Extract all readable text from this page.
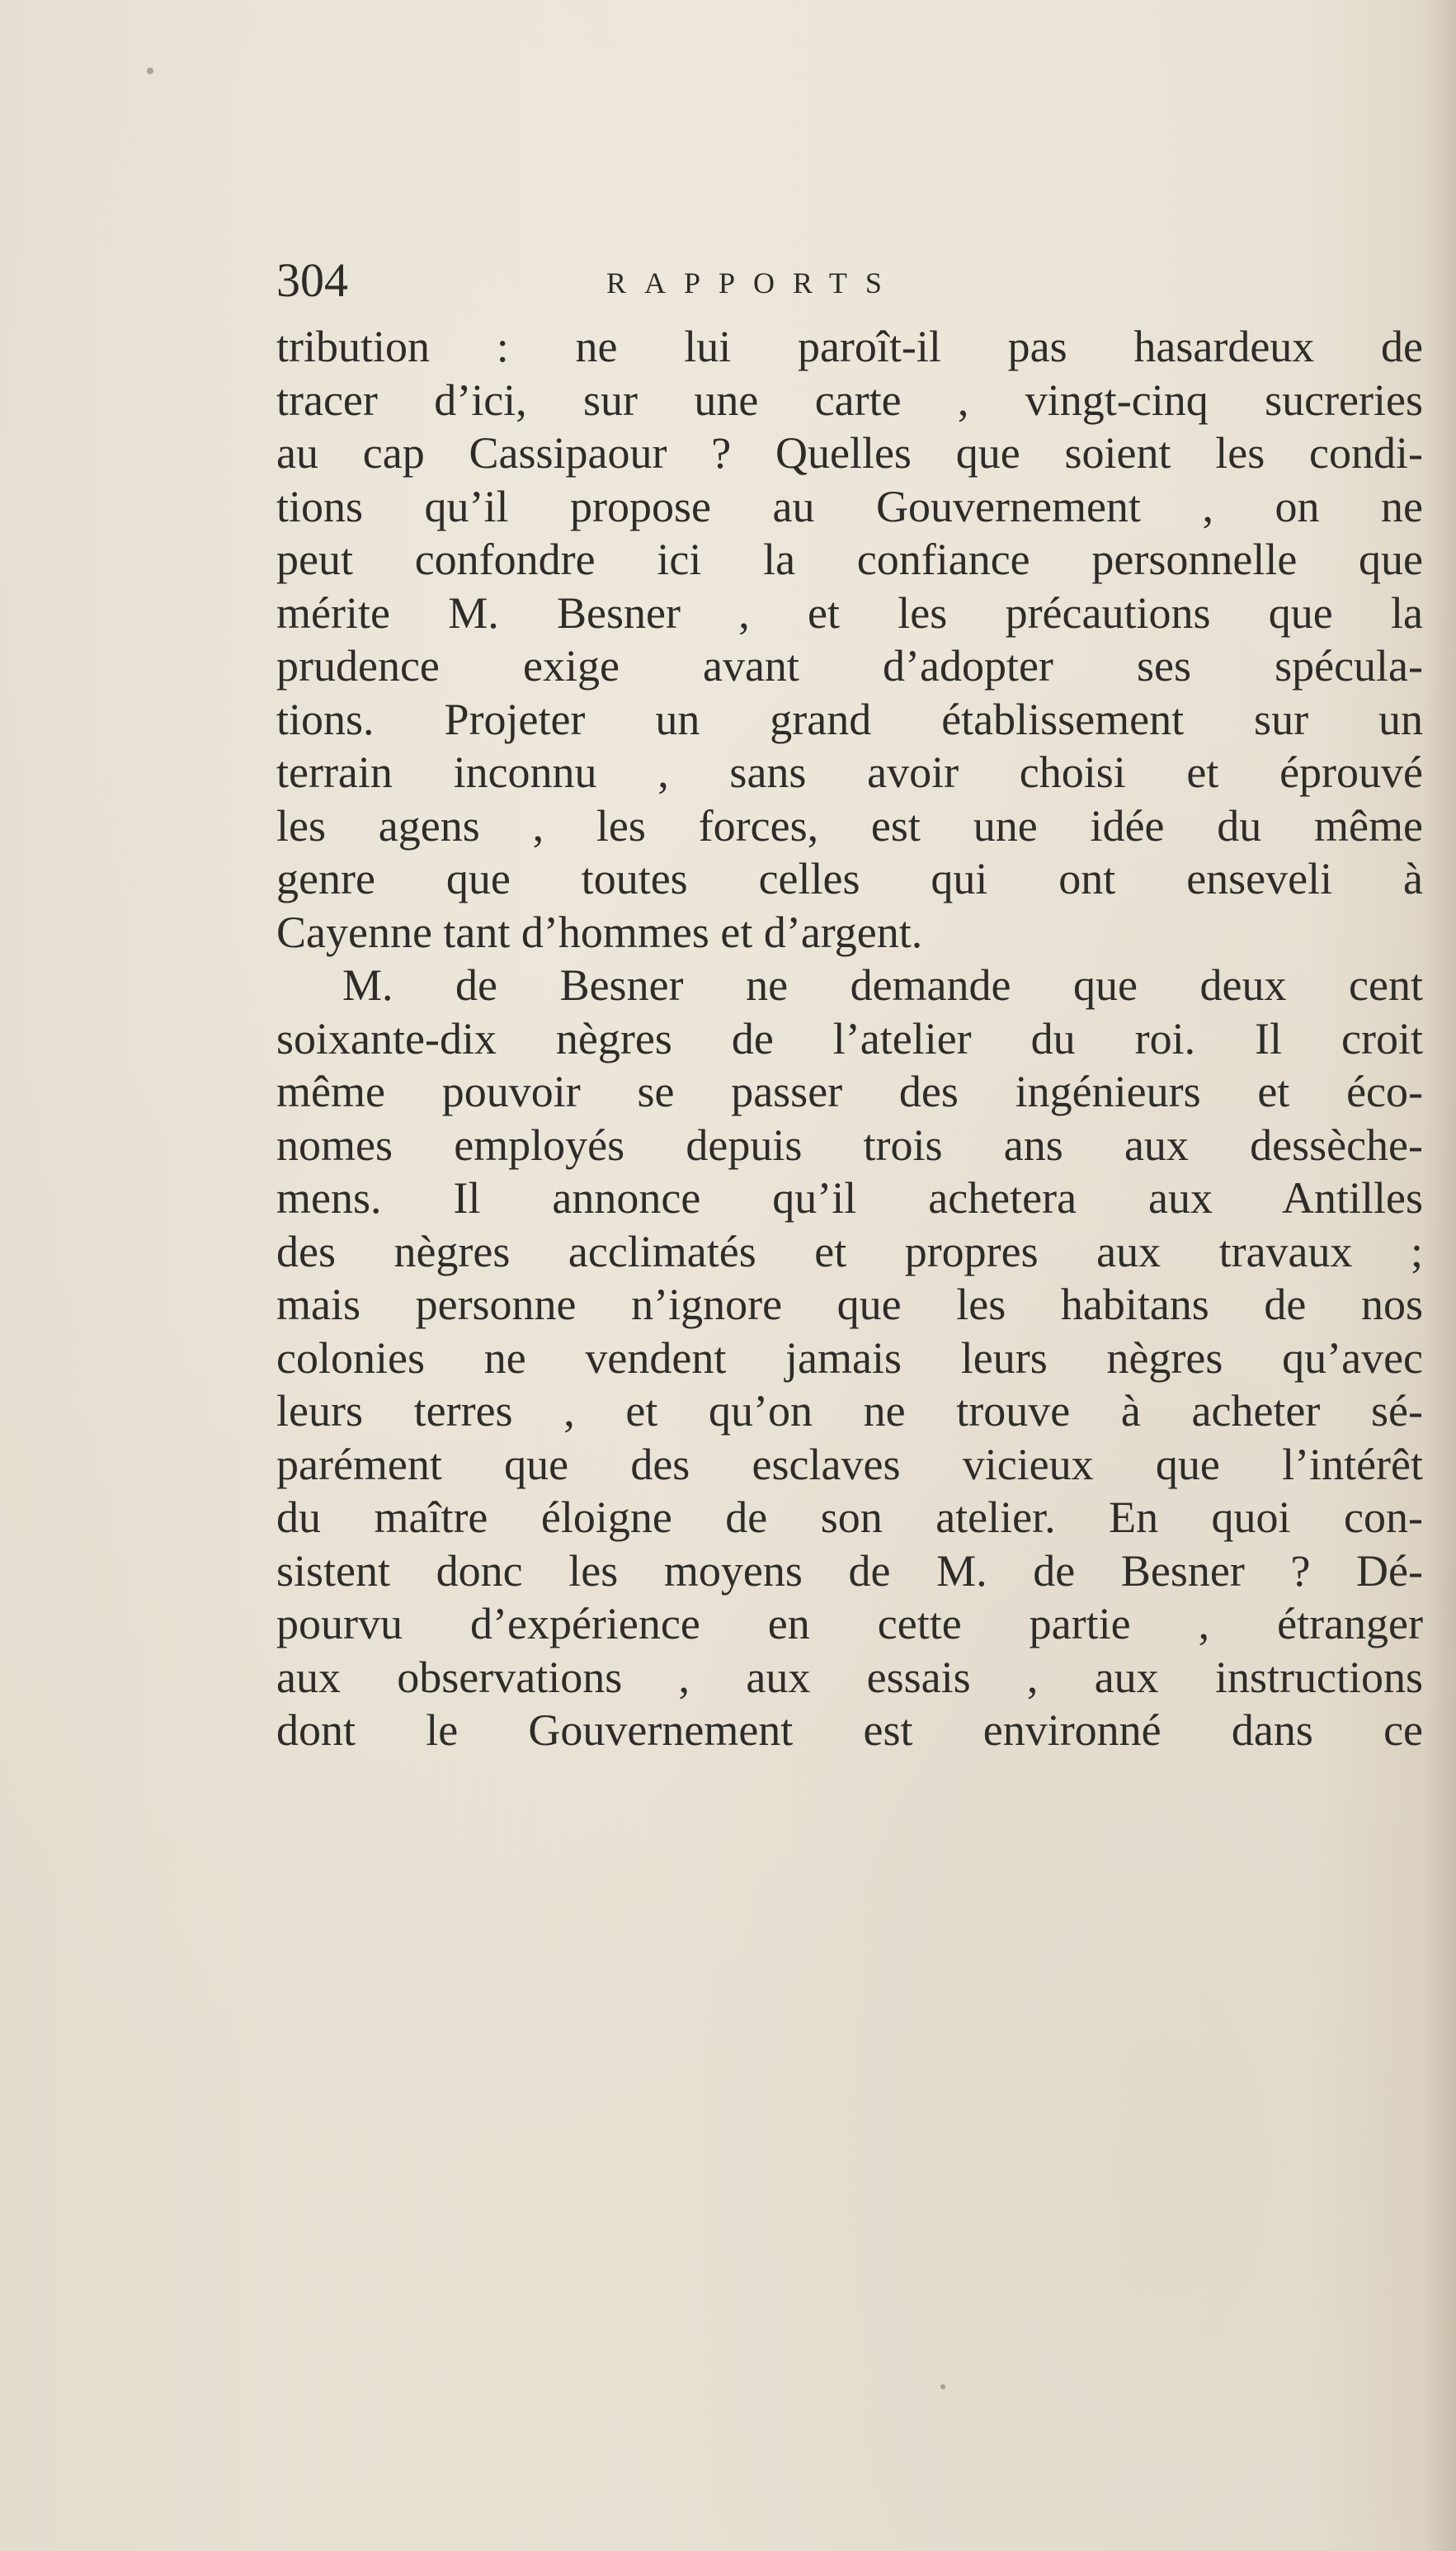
304	RAPPORTS
tribution : ne lui paroît-il pas hasardeux de
tracer d’ici, sur une carte , vingt-cinq sucreries
au cap Cassipaour ? Quelles que soient les condi-
tions qu’il propose au Gouvernement , on ne
peut confondre ici la confiance personnelle que
mérite M. Besner , et les précautions que la
prudence exige avant d’adopter ses spécula-
tions. Projeter un grand établissement sur un
terrain inconnu , sans avoir choisi et éprouvé
les agens , les forces, est une idée du même
genre que toutes celles qui ont enseveli à
Cayenne tant d’hommes et d’argent.
M. de Besner ne demande que deux cent
soixante-dix nègres de l’atelier du roi. Il croit
même pouvoir se passer des ingénieurs et éco-
nomes employés depuis trois ans aux dessèche-
mens. Il annonce qu’il achetera aux Antilles
des nègres acclimatés et propres aux travaux ;
mais personne n’ignore que les habitans de nos
colonies ne vendent jamais leurs nègres qu’avec
leurs terres , et qu’on ne trouve à acheter sé-
parément que des esclaves vicieux que l’intérêt
du maître éloigne de son atelier. En quoi con-
sistent donc les moyens de M. de Besner ? Dé-
pourvu d’expérience en cette partie , étranger
aux observations , aux essais , aux instructions
dont le Gouvernement est environné dans ce
